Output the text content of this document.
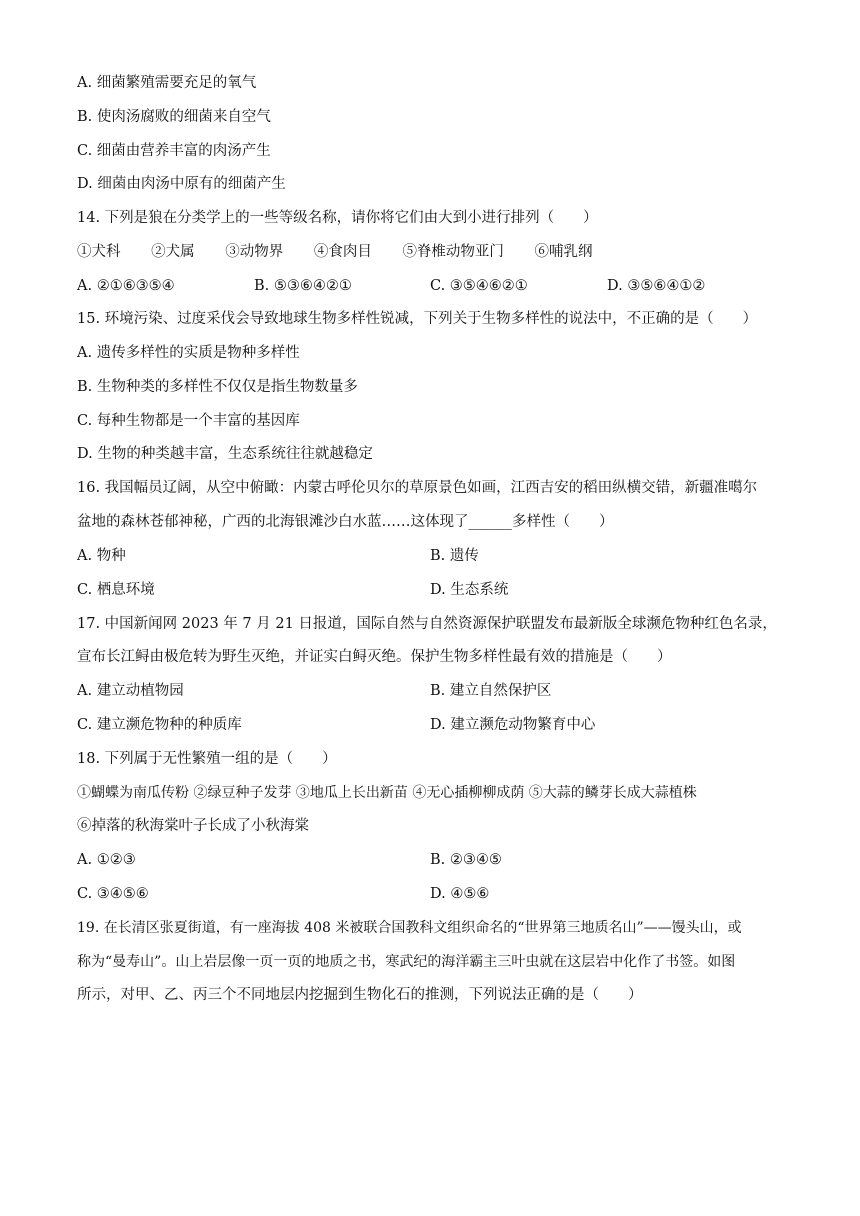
A. 细菌繁殖需要充足的氧气
B. 使肉汤腐败的细菌来自空气
C. 细菌由营养丰富的肉汤产生
D. 细菌由肉汤中原有的细菌产生
14. 下列是狼在分类学上的一些等级名称，请你将它们由大到小进行排列（　　）
①犬科 ②犬属 ③动物界 ④食肉目 ⑤脊椎动物亚门 ⑥哺乳纲
A. ②①⑥③⑤④	B. ⑤③⑥④②①	C. ③⑤④⑥②①	D. ③⑤⑥④①②
15. 环境污染、过度采伐会导致地球生物多样性锐减，下列关于生物多样性的说法中，不正确的是（　　）
A. 遗传多样性的实质是物种多样性
B. 生物种类的多样性不仅仅是指生物数量多
C. 每种生物都是一个丰富的基因库
D. 生物的种类越丰富，生态系统往往就越稳定
16. 我国幅员辽阔，从空中俯瞰：内蒙古呼伦贝尔的草原景色如画，江西吉安的稻田纵横交错，新疆准噶尔
盆地的森林苍郁神秘，广西的北海银滩沙白水蓝……这体现了______多样性（　　）
A. 物种	B. 遗传
C. 栖息环境	D. 生态系统
17. 中国新闻网 2023 年 7 月 21 日报道，国际自然与自然资源保护联盟发布最新版全球濒危物种红色名录，
宣布长江鲟由极危转为野生灭绝，并证实白鲟灭绝。保护生物多样性最有效的措施是（　　）
A. 建立动植物园	B. 建立自然保护区
C. 建立濒危物种的种质库	D. 建立濒危动物繁育中心
18. 下列属于无性繁殖一组的是（　　）
①蝴蝶为南瓜传粉 ②绿豆种子发芽 ③地瓜上长出新苗 ④无心插柳柳成荫 ⑤大蒜的鳞芽长成大蒜植株
⑥掉落的秋海棠叶子长成了小秋海棠
A. ①②③	B. ②③④⑤
C. ③④⑤⑥	D. ④⑤⑥
19. 在长清区张夏街道，有一座海拔 408 米被联合国教科文组织命名的“世界第三地质名山”——馒头山，或
称为“曼寿山”。山上岩层像一页一页的地质之书，寒武纪的海洋霸主三叶虫就在这层岩中化作了书签。如图
所示，对甲、乙、丙三个不同地层内挖掘到生物化石的推测，下列说法正确的是（　　）
